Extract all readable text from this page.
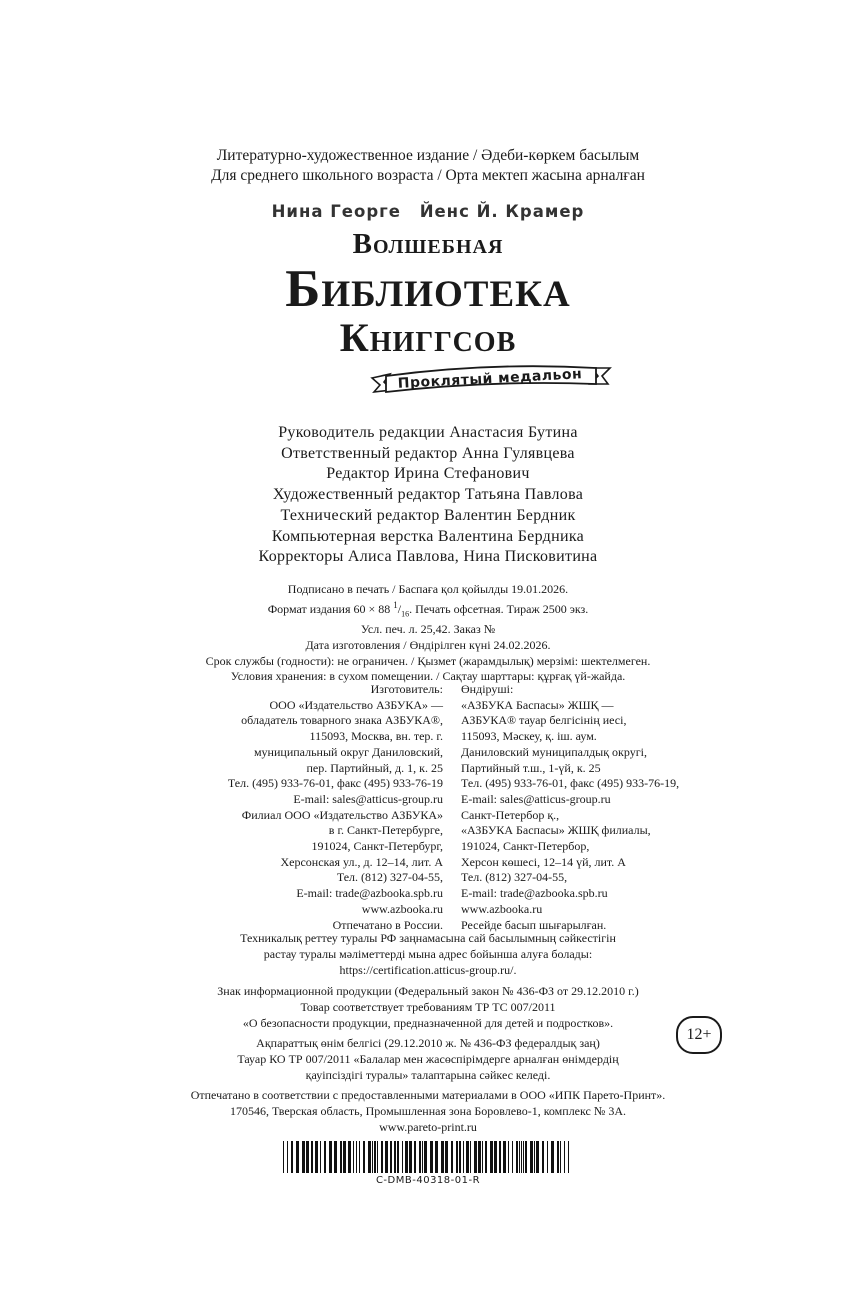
Литературно-художественное издание / Әдеби-көркем басылым
Для среднего школьного возраста / Орта мектеп жасына арналған
Нина Георге Йенс Й. Крамер
Волшебная
Библиотека
Книггсов
Проклятый медальон
Руководитель редакции Анастасия Бутина
Ответственный редактор Анна Гулявцева
Редактор Ирина Стефанович
Художественный редактор Татьяна Павлова
Технический редактор Валентин Бердник
Компьютерная верстка Валентина Бердника
Корректоры Алиса Павлова, Нина Писковитина
Подписано в печать / Баспаға қол қойылды 19.01.2026.
Формат издания 60 × 88 $^1/_{16}$. Печать офсетная. Тираж 2500 экз.
Усл. печ. л. 25,42. Заказ №
Дата изготовления / Өндірілген күні 24.02.2026.
Срок службы (годности): не ограничен. / Қызмет (жарамдылық) мерзімі: шектелмеген.
Условия хранения: в сухом помещении. / Сақтау шарттары: құрғақ үй-жайда.
Изготовитель:
ООО «Издательство АЗБУКА» —
обладатель товарного знака АЗБУКА®,
115093, Москва, вн. тер. г.
муниципальный округ Даниловский,
пер. Партийный, д. 1, к. 25
Тел. (495) 933-76-01, факс (495) 933-76-19
E-mail: sales@atticus-group.ru
Филиал ООО «Издательство АЗБУКА»
в г. Санкт-Петербурге,
191024, Санкт-Петербург,
Херсонская ул., д. 12–14, лит. А
Тел. (812) 327-04-55,
E-mail: trade@azbooka.spb.ru
www.azbooka.ru
Отпечатано в России.
Өндіруші:
«АЗБУКА Баспасы» ЖШҚ —
АЗБУКА® тауар белгісінің иесі,
115093, Мәскеу, қ. іш. аум.
Даниловский муниципалдық округі,
Партийный т.ш., 1-үй, к. 25
Тел. (495) 933-76-01, факс (495) 933-76-19,
E-mail: sales@atticus-group.ru
Санкт-Петербор қ.,
«АЗБУКА Баспасы» ЖШҚ филиалы,
191024, Санкт-Петербор,
Херсон көшесі, 12–14 үй, лит. А
Тел. (812) 327-04-55,
E-mail: trade@azbooka.spb.ru
www.azbooka.ru
Ресейде басып шығарылған.
Техникалық реттеу туралы РФ заңнамасына сай басылымның сәйкестігін
растау туралы мәліметтерді мына адрес бойынша алуға болады:
https://certification.atticus-group.ru/.
Знак информационной продукции (Федеральный закон № 436-ФЗ от 29.12.2010 г.)
Товар соответствует требованиям ТР ТС 007/2011
«О безопасности продукции, предназначенной для детей и подростков».
12+
Ақпараттық өнім белгісі (29.12.2010 ж. № 436-ФЗ федералдық заң)
Тауар КО ТР 007/2011 «Балалар мен жасөспірімдерге арналған өнімдердің
қауіпсіздігі туралы» талаптарына сәйкес келеді.
Отпечатано в соответствии с предоставленными материалами в ООО «ИПК Парето-Принт».
170546, Тверская область, Промышленная зона Боровлево-1, комплекс № 3А.
www.pareto-print.ru
C-DMB-40318-01-R
